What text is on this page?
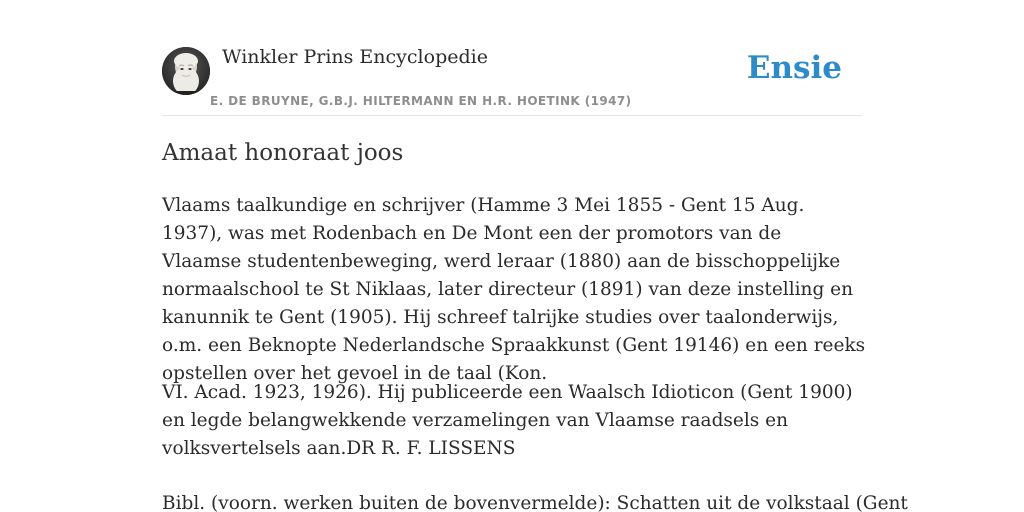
Winkler Prins Encyclopedie
E. DE BRUYNE, G.B.J. HILTERMANN EN H.R. HOETINK (1947)
Ensie
Amaat honoraat joos

Vlaams taalkundige en schrijver (Hamme 3 Mei 1855 - Gent 15 Aug. 1937), was met Rodenbach en De Mont een der promotors van de Vlaamse studentenbeweging, werd leraar (1880) aan de bisschoppelijke normaalschool te St Niklaas, later directeur (1891) van deze instelling en kanunnik te Gent (1905). Hij schreef talrijke studies over taalonderwijs, o.m. een Beknopte Nederlandsche Spraakkunst (Gent 19146) en een reeks opstellen over het gevoel in de taal (Kon.

VI. Acad. 1923, 1926). Hij publiceerde een Waalsch Idioticon (Gent 1900) en legde belangwekkende verzamelingen van Vlaamse raadsels en volksvertelsels aan.DR R. F. LISSENS

Bibl. (voorn. werken buiten de bovenvermelde): Schatten uit de volkstaal (Gent
